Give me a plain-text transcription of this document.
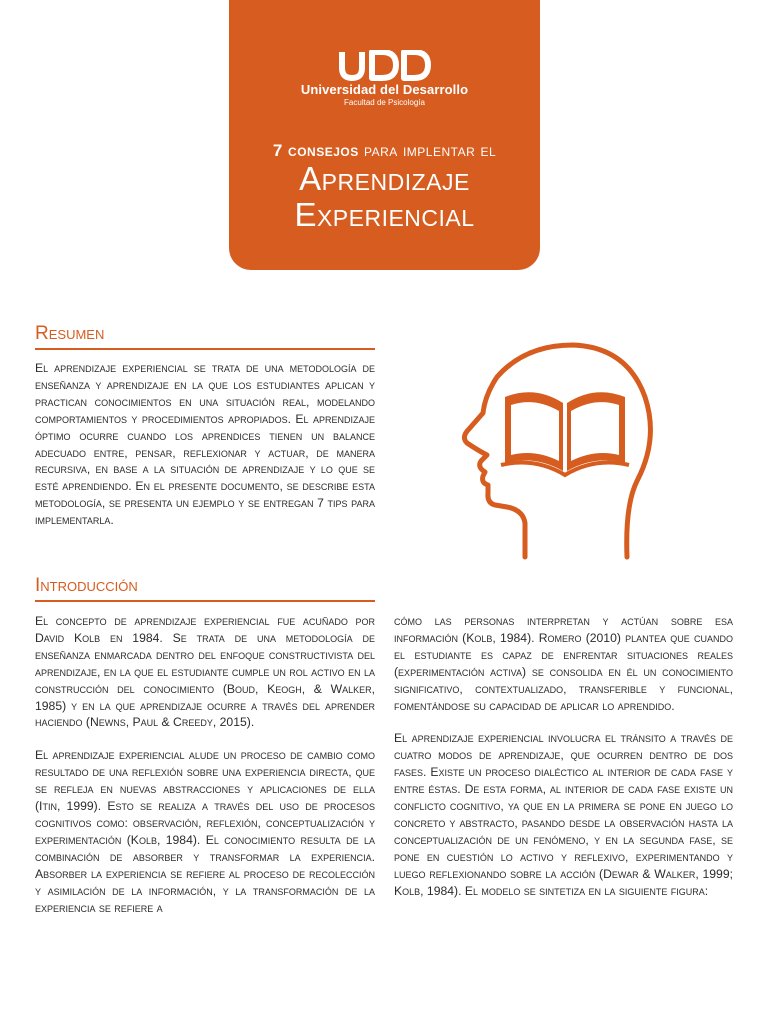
Universidad del Desarrollo
Facultad de Psicología
7 consejos para implentar el
Aprendizaje
Experiencial
Resumen

El aprendizaje experiencial se trata de una metodología de enseñanza y aprendizaje en la que los estudiantes aplican y practican conocimientos en una situación real, modelando comportamientos y procedimientos apropiados. El aprendizaje óptimo ocurre cuando los aprendices tienen un balance adecuado entre, pensar, reflexionar y actuar, de manera recursiva, en base a la situación de aprendizaje y lo que se esté aprendiendo. En el presente documento, se describe esta metodología, se presenta un ejemplo y se entregan 7 tips para implementarla.

Introducción

El concepto de aprendizaje experiencial fue acuñado por David Kolb en 1984. Se trata de una metodología de enseñanza enmarcada dentro del enfoque constructivista del aprendizaje, en la que el estudiante cumple un rol activo en la construcción del conocimiento (Boud, Keogh, & Walker, 1985) y en la que aprendizaje ocurre a través del aprender haciendo (Newns, Paul & Creedy, 2015).

El aprendizaje experiencial alude un proceso de cambio como resultado de una reflexión sobre una experiencia directa, que se refleja en nuevas abstracciones y aplicaciones de ella (Itin, 1999). Esto se realiza a través del uso de procesos cognitivos como: observación, reflexión, conceptualización y experimentación (Kolb, 1984). El conocimiento resulta de la combinación de absorber y transformar la experiencia. Absorber la experiencia se refiere al proceso de recolección y asimilación de la información, y la transformación de la experiencia se refiere a

cómo las personas interpretan y actúan sobre esa información (Kolb, 1984). Romero (2010) plantea que cuando el estudiante es capaz de enfrentar situaciones reales (experimentación activa) se consolida en él un conocimiento significativo, contextualizado, transferible y funcional, fomentándose su capacidad de aplicar lo aprendido.

El aprendizaje experiencial involucra el tránsito a través de cuatro modos de aprendizaje, que ocurren dentro de dos fases. Existe un proceso dialéctico al interior de cada fase y entre éstas. De esta forma, al interior de cada fase existe un conflicto cognitivo, ya que en la primera se pone en juego lo concreto y abstracto, pasando desde la observación hasta la conceptualización de un fenómeno, y en la segunda fase, se pone en cuestión lo activo y reflexivo, experimentando y luego reflexionando sobre la acción (Dewar & Walker, 1999; Kolb, 1984). El modelo se sintetiza en la siguiente figura:
